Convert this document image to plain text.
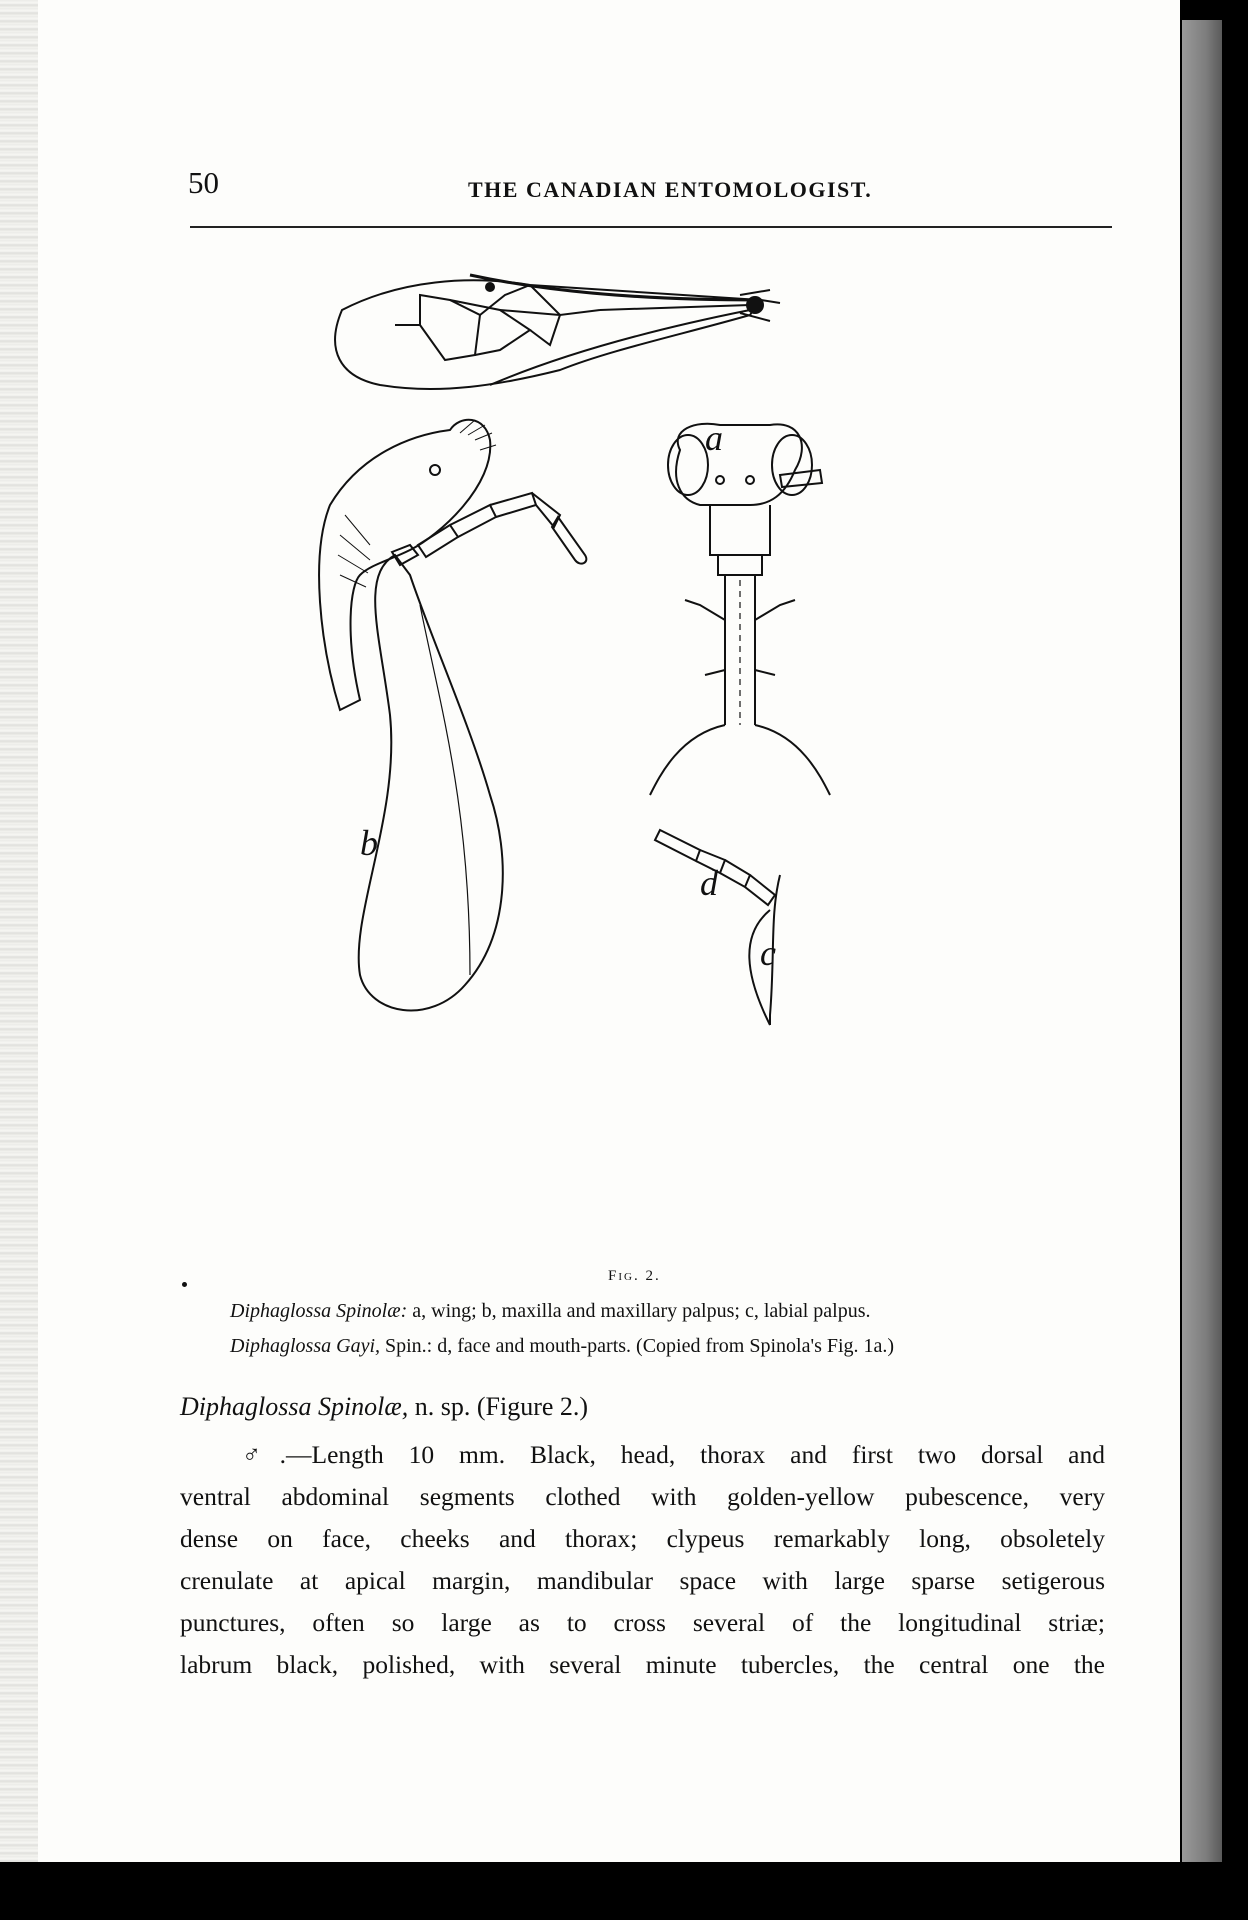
50	THE CANADIAN ENTOMOLOGIST.
a
b
d
c
Fig. 2.
Diphaglossa Spinolæ: a, wing; b, maxilla and maxillary palpus; c, labial palpus.
Diphaglossa Gayi, Spin.: d, face and mouth-parts. (Copied from Spinola's Fig. 1a.)
Diphaglossa Spinolæ, n. sp. (Figure 2.)
♂.—Length 10 mm. Black, head, thorax and first two dorsal and
ventral abdominal segments clothed with golden-yellow pubescence, very
dense on face, cheeks and thorax; clypeus remarkably long, obsoletely
crenulate at apical margin, mandibular space with large sparse setigerous
punctures, often so large as to cross several of the longitudinal striæ;
labrum black, polished, with several minute tubercles, the central one the
